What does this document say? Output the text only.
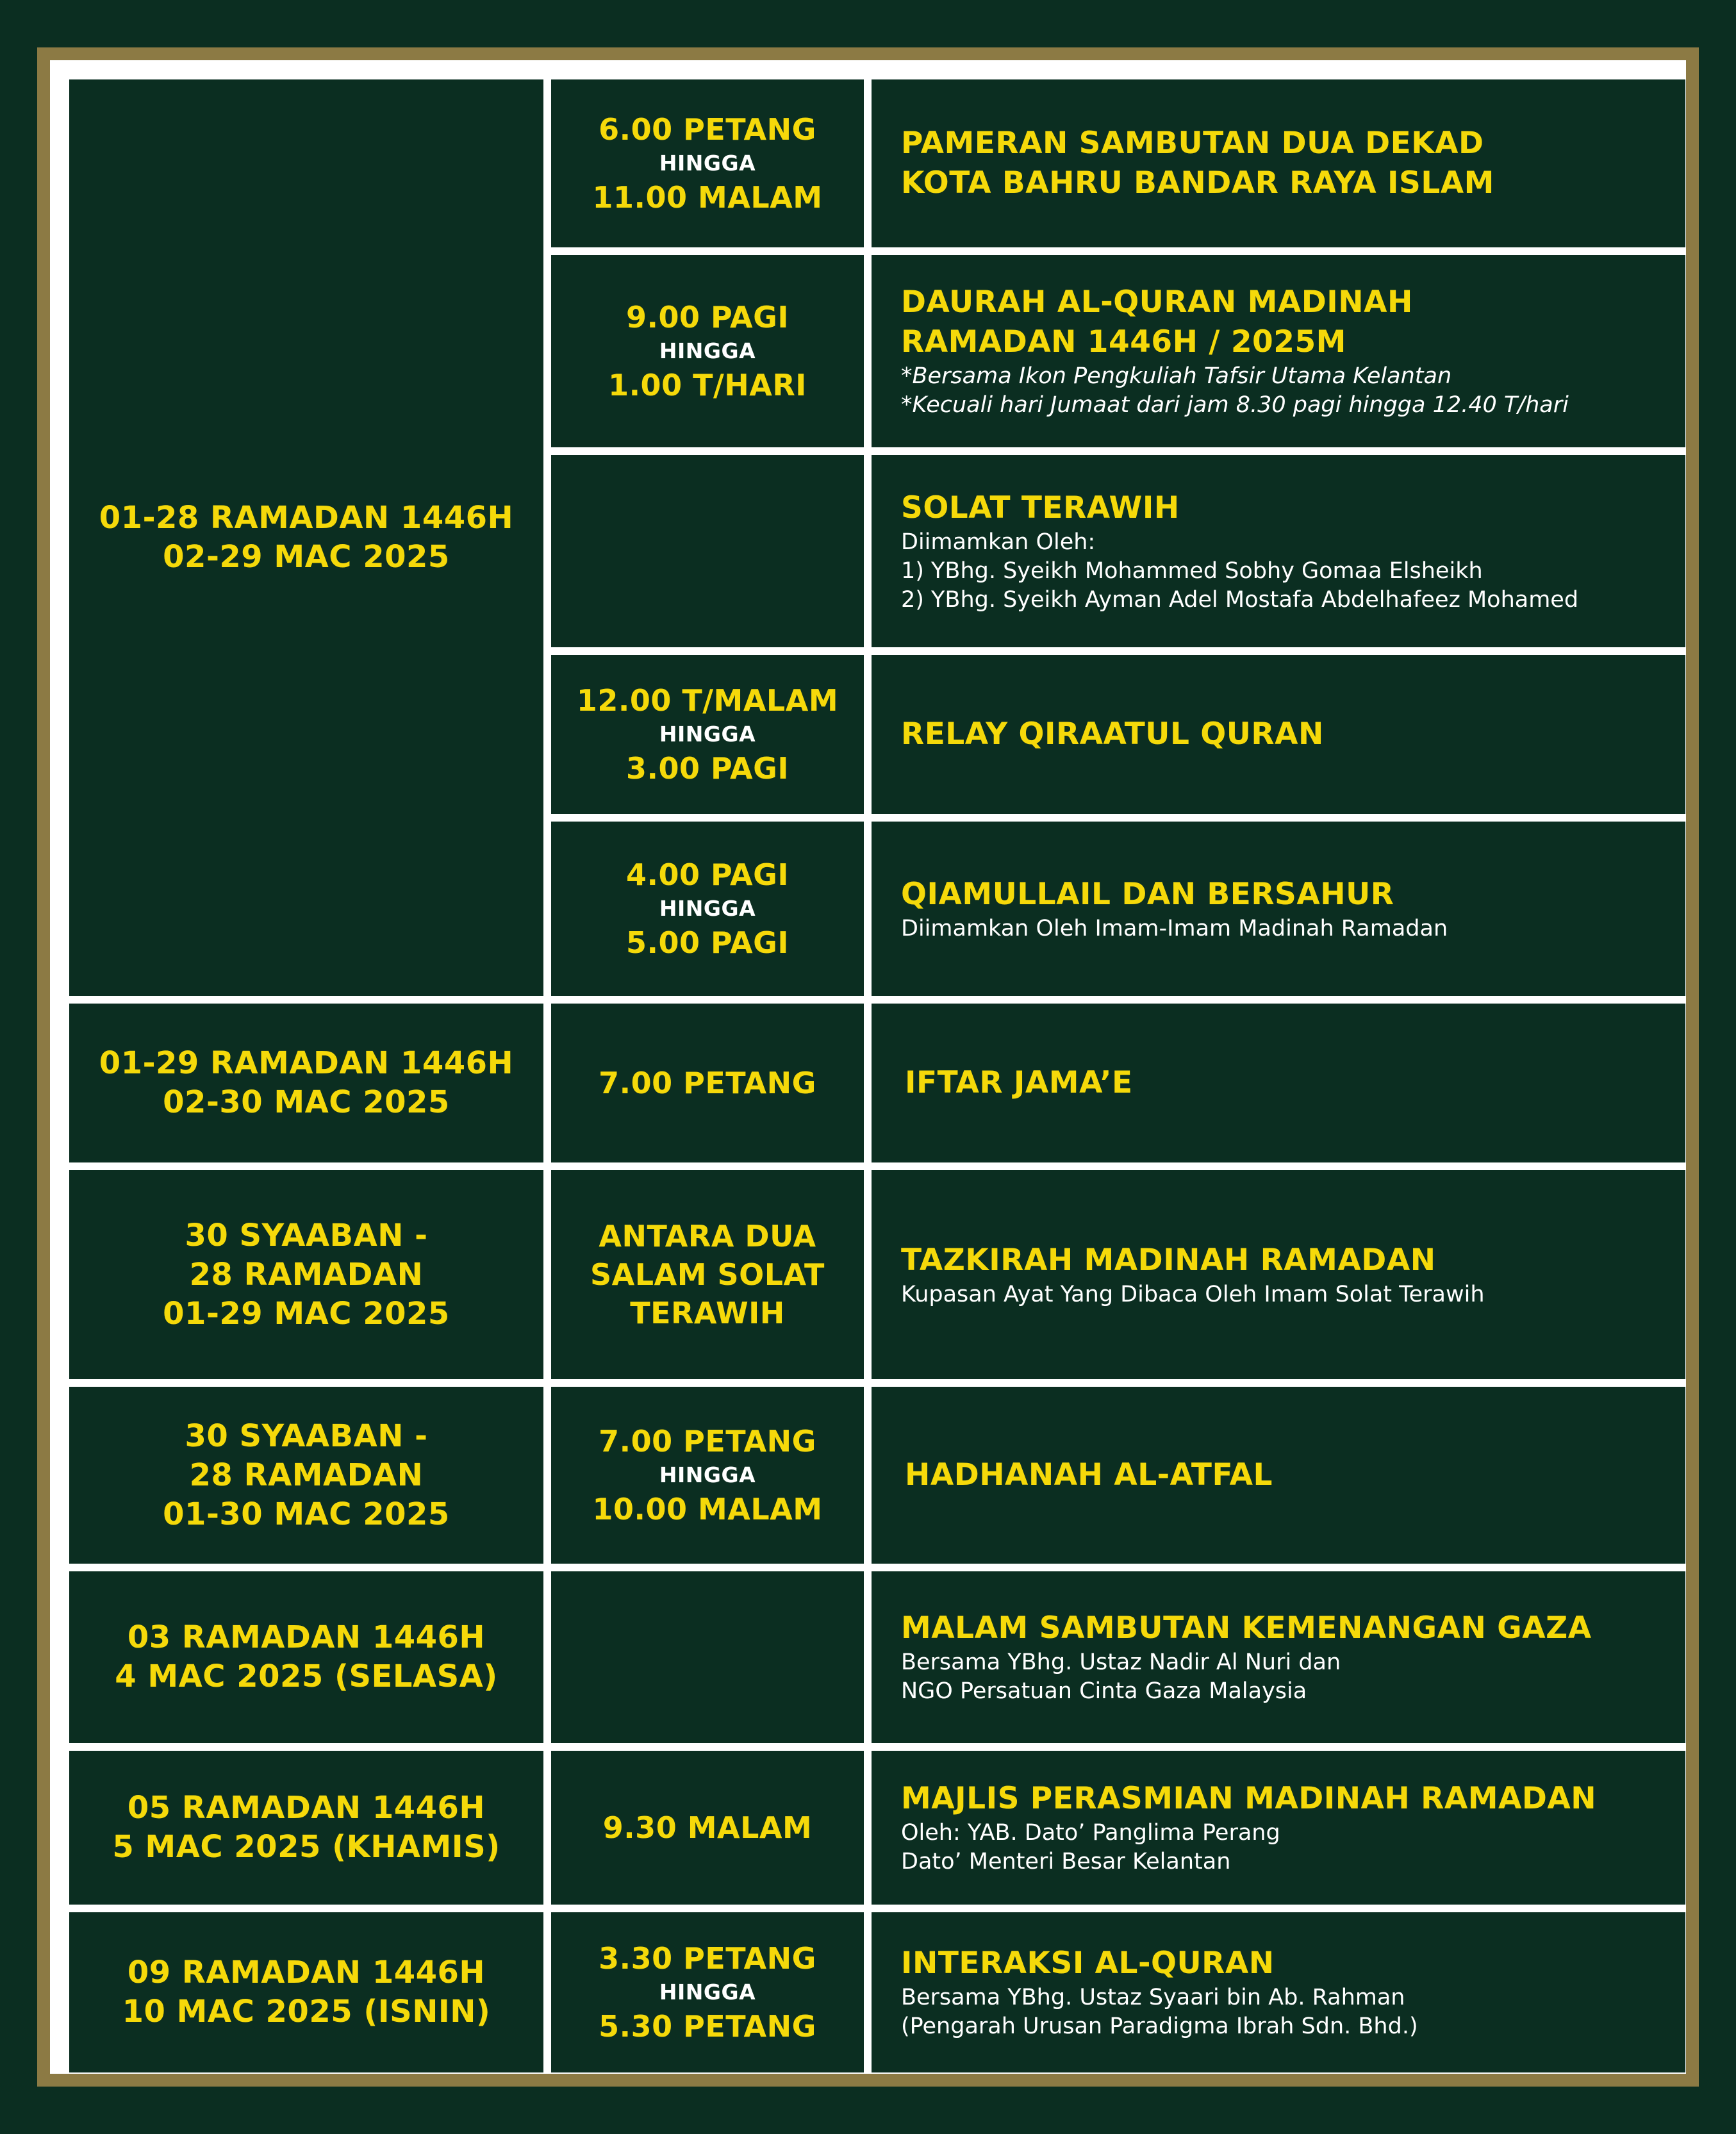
01-28 RAMADAN 1446H
02-29 MAC 2025
6.00 PETANG
HINGGA
11.00 MALAM
PAMERAN SAMBUTAN DUA DEKAD
KOTA BAHRU BANDAR RAYA ISLAM
9.00 PAGI
HINGGA
1.00 T/HARI
DAURAH AL-QURAN MADINAH
RAMADAN 1446H / 2025M
*Bersama Ikon Pengkuliah Tafsir Utama Kelantan
*Kecuali hari Jumaat dari jam 8.30 pagi hingga 12.40 T/hari
SOLAT TERAWIH
Diimamkan Oleh:
1) YBhg. Syeikh Mohammed Sobhy Gomaa Elsheikh
2) YBhg. Syeikh Ayman Adel Mostafa Abdelhafeez Mohamed
12.00 T/MALAM
HINGGA
3.00 PAGI
RELAY QIRAATUL QURAN
4.00 PAGI
HINGGA
5.00 PAGI
QIAMULLAIL DAN BERSAHUR
Diimamkan Oleh Imam-Imam Madinah Ramadan
01-29 RAMADAN 1446H
02-30 MAC 2025
7.00 PETANG	IFTAR JAMA’E
30 SYAABAN -
28 RAMADAN
01-29 MAC 2025
ANTARA DUA
SALAM SOLAT
TERAWIH
TAZKIRAH MADINAH RAMADAN
Kupasan Ayat Yang Dibaca Oleh Imam Solat Terawih
30 SYAABAN -
28 RAMADAN
01-30 MAC 2025
7.00 PETANG
HINGGA
10.00 MALAM
HADHANAH AL-ATFAL
03 RAMADAN 1446H
4 MAC 2025 (SELASA)
MALAM SAMBUTAN KEMENANGAN GAZA
Bersama YBhg. Ustaz Nadir Al Nuri dan
NGO Persatuan Cinta Gaza Malaysia
05 RAMADAN 1446H
5 MAC 2025 (KHAMIS)
9.30 MALAM
MAJLIS PERASMIAN MADINAH RAMADAN
Oleh: YAB. Dato’ Panglima Perang
Dato’ Menteri Besar Kelantan
09 RAMADAN 1446H
10 MAC 2025 (ISNIN)
3.30 PETANG
HINGGA
5.30 PETANG
INTERAKSI AL-QURAN
Bersama YBhg. Ustaz Syaari bin Ab. Rahman
(Pengarah Urusan Paradigma Ibrah Sdn. Bhd.)
